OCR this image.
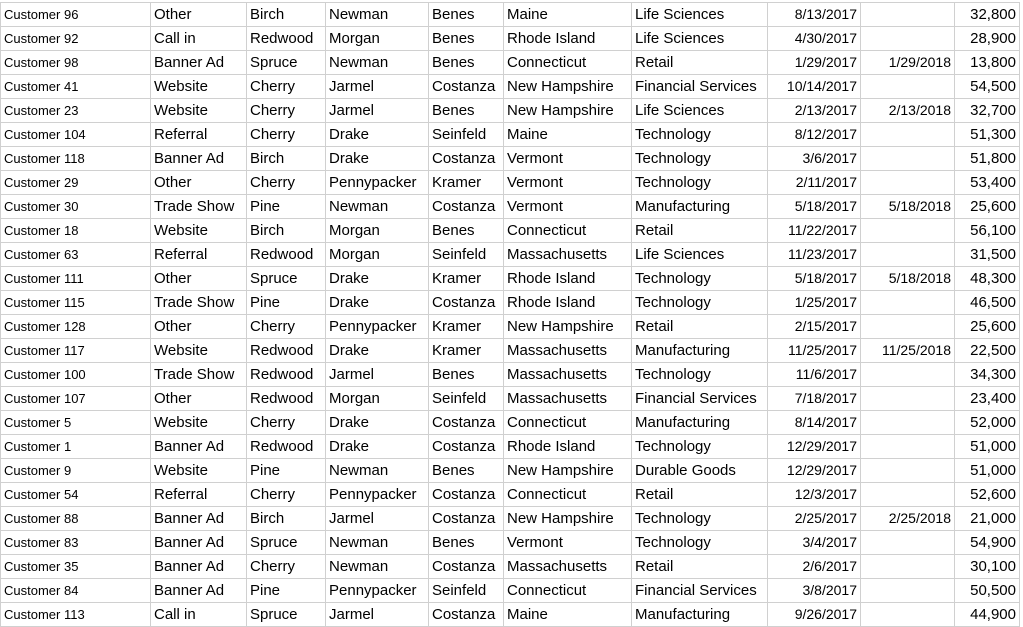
Customer 96	Other	Birch	Newman	Benes	Maine	Life Sciences	8/13/2017		32,800
Customer 92	Call in	Redwood	Morgan	Benes	Rhode Island	Life Sciences	4/30/2017		28,900
Customer 98	Banner Ad	Spruce	Newman	Benes	Connecticut	Retail	1/29/2017	1/29/2018	13,800
Customer 41	Website	Cherry	Jarmel	Costanza	New Hampshire	Financial Services	10/14/2017		54,500
Customer 23	Website	Cherry	Jarmel	Benes	New Hampshire	Life Sciences	2/13/2017	2/13/2018	32,700
Customer 104	Referral	Cherry	Drake	Seinfeld	Maine	Technology	8/12/2017		51,300
Customer 118	Banner Ad	Birch	Drake	Costanza	Vermont	Technology	3/6/2017		51,800
Customer 29	Other	Cherry	Pennypacker	Kramer	Vermont	Technology	2/11/2017		53,400
Customer 30	Trade Show	Pine	Newman	Costanza	Vermont	Manufacturing	5/18/2017	5/18/2018	25,600
Customer 18	Website	Birch	Morgan	Benes	Connecticut	Retail	11/22/2017		56,100
Customer 63	Referral	Redwood	Morgan	Seinfeld	Massachusetts	Life Sciences	11/23/2017		31,500
Customer 111	Other	Spruce	Drake	Kramer	Rhode Island	Technology	5/18/2017	5/18/2018	48,300
Customer 115	Trade Show	Pine	Drake	Costanza	Rhode Island	Technology	1/25/2017		46,500
Customer 128	Other	Cherry	Pennypacker	Kramer	New Hampshire	Retail	2/15/2017		25,600
Customer 117	Website	Redwood	Drake	Kramer	Massachusetts	Manufacturing	11/25/2017	11/25/2018	22,500
Customer 100	Trade Show	Redwood	Jarmel	Benes	Massachusetts	Technology	11/6/2017		34,300
Customer 107	Other	Redwood	Morgan	Seinfeld	Massachusetts	Financial Services	7/18/2017		23,400
Customer 5	Website	Cherry	Drake	Costanza	Connecticut	Manufacturing	8/14/2017		52,000
Customer 1	Banner Ad	Redwood	Drake	Costanza	Rhode Island	Technology	12/29/2017		51,000
Customer 9	Website	Pine	Newman	Benes	New Hampshire	Durable Goods	12/29/2017		51,000
Customer 54	Referral	Cherry	Pennypacker	Costanza	Connecticut	Retail	12/3/2017		52,600
Customer 88	Banner Ad	Birch	Jarmel	Costanza	New Hampshire	Technology	2/25/2017	2/25/2018	21,000
Customer 83	Banner Ad	Spruce	Newman	Benes	Vermont	Technology	3/4/2017		54,900
Customer 35	Banner Ad	Cherry	Newman	Costanza	Massachusetts	Retail	2/6/2017		30,100
Customer 84	Banner Ad	Pine	Pennypacker	Seinfeld	Connecticut	Financial Services	3/8/2017		50,500
Customer 113	Call in	Spruce	Jarmel	Costanza	Maine	Manufacturing	9/26/2017		44,900
